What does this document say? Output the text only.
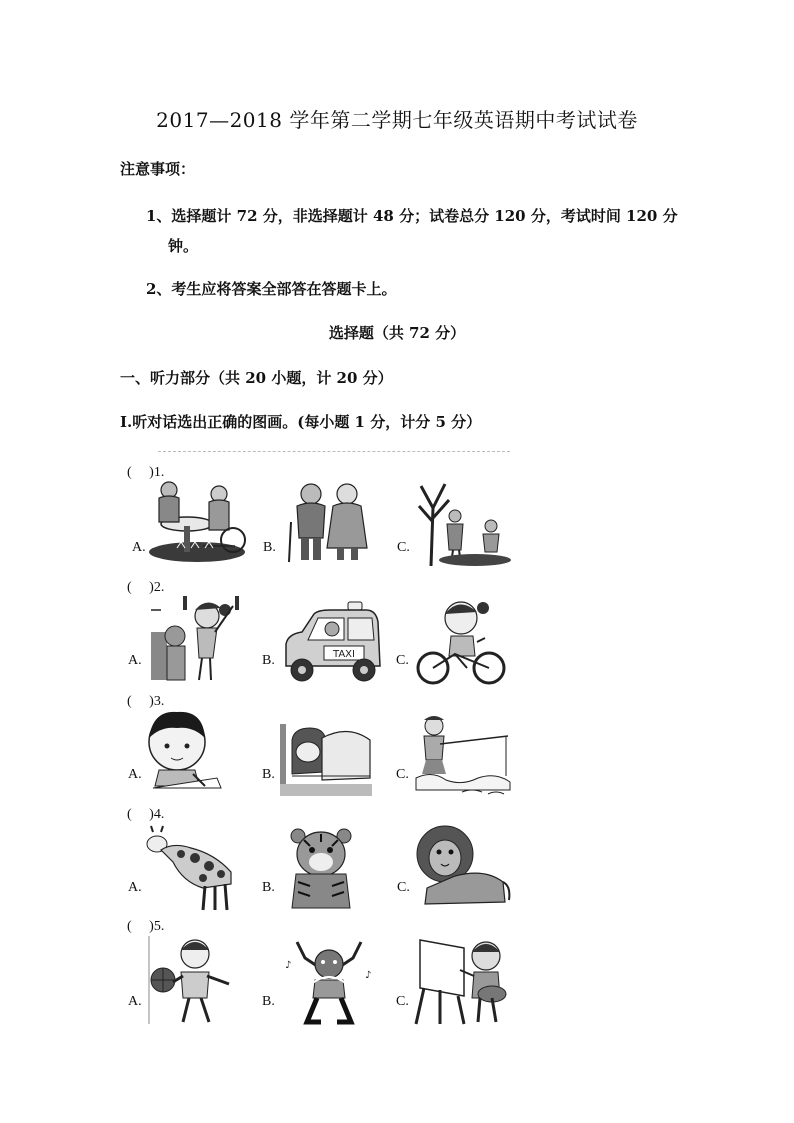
2017—2018 学年第二学期七年级英语期中考试试卷
注意事项：
1、选择题计 72 分，非选择题计 48 分；试卷总分 120 分，考试时间 120 分
钟。
2、考生应将答案全部答在答题卡上。
选择题（共 72 分）
一、听力部分（共 20 小题，计 20 分）
I.听对话选出正确的图画。(每小题 1 分，计分 5 分）
(　 )1.
A.	B.	C.
(　 )2.
A.	B.	C.
TAXI
(　 )3.
A.	B.	C.
(　 )4.
A.	B.	C.
(　 )5.
A.	B.	C.
♪
♪
